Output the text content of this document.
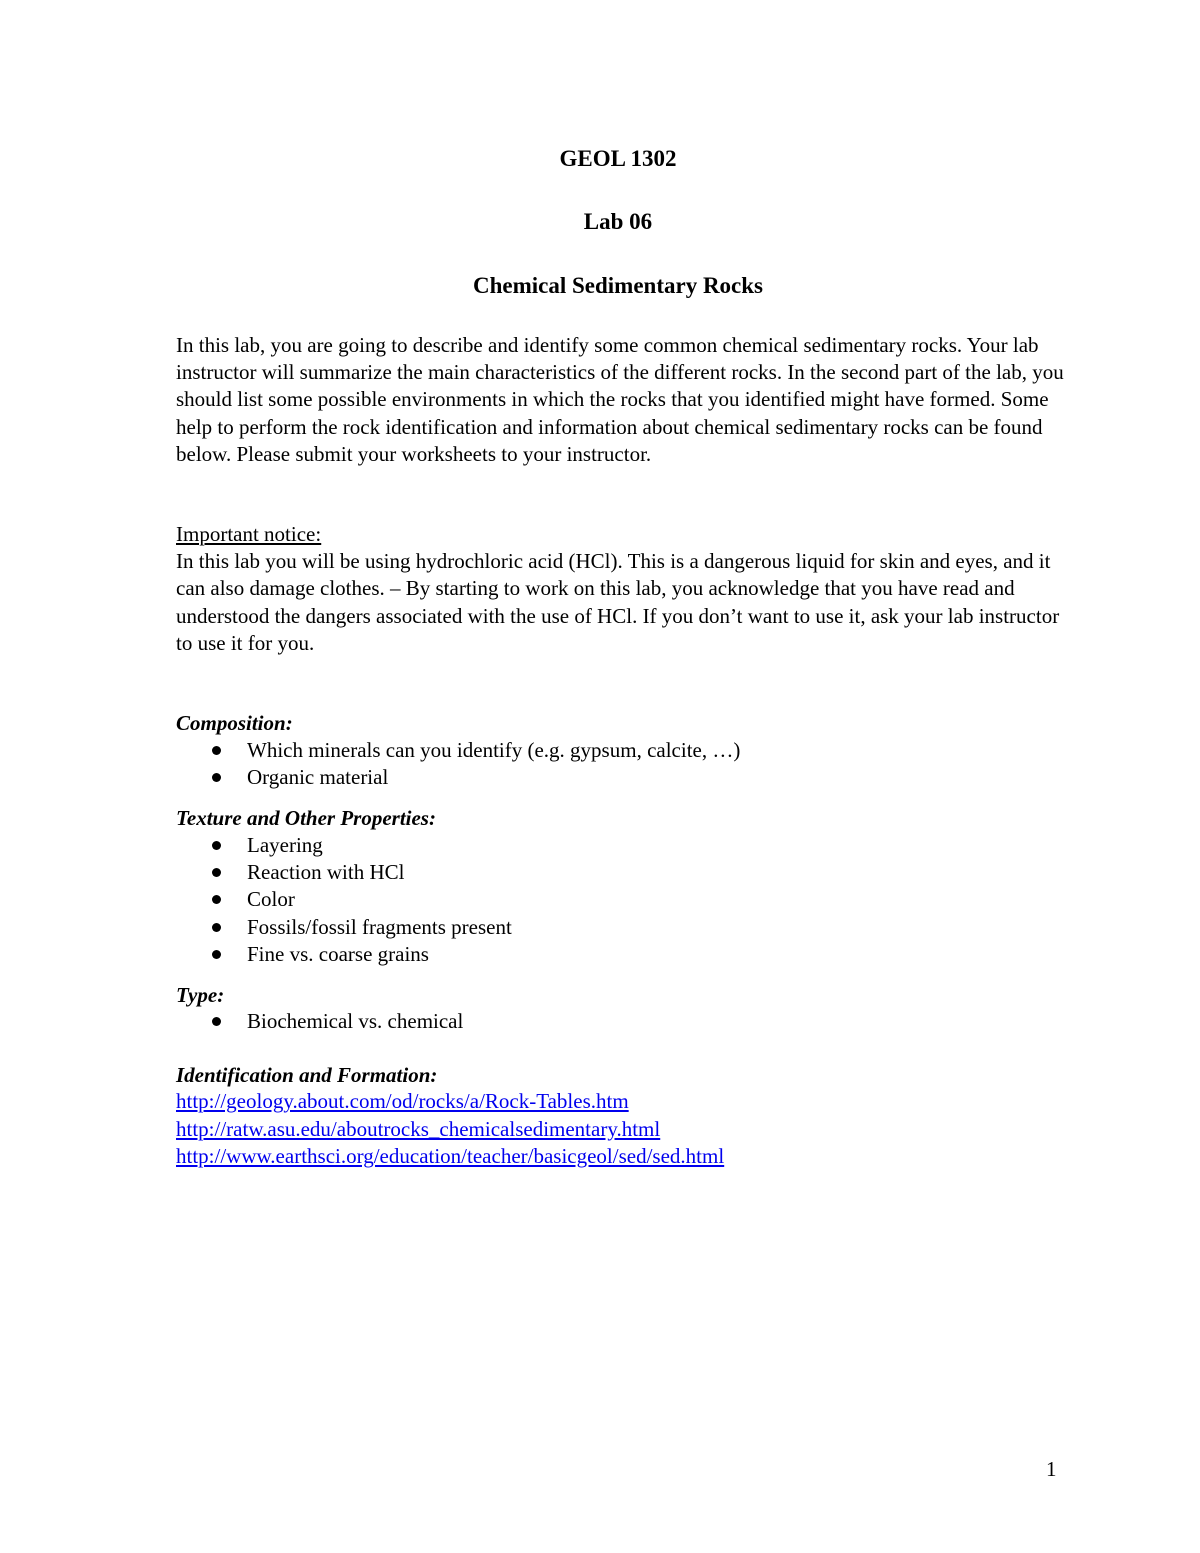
GEOL 1302
Lab 06
Chemical Sedimentary Rocks

In this lab, you are going to describe and identify some common chemical sedimentary rocks. Your lab instructor will summarize the main characteristics of the different rocks. In the second part of the lab, you should list some possible environments in which the rocks that you identified might have formed. Some help to perform the rock identification and information about chemical sedimentary rocks can be found below. Please submit your worksheets to your instructor.

Important notice:

In this lab you will be using hydrochloric acid (HCl). This is a dangerous liquid for skin and eyes, and it can also damage clothes. – By starting to work on this lab, you acknowledge that you have read and understood the dangers associated with the use of HCl. If you don’t want to use it, ask your lab instructor to use it for you.

Composition:
Which minerals can you identify (e.g. gypsum, calcite, …)
Organic material
Texture and Other Properties:
Layering
Reaction with HCl
Color
Fossils/fossil fragments present
Fine vs. coarse grains
Type:
Biochemical vs. chemical
Identification and Formation:
http://geology.about.com/od/rocks/a/Rock-Tables.htm
http://ratw.asu.edu/aboutrocks_chemicalsedimentary.html
http://www.earthsci.org/education/teacher/basicgeol/sed/sed.html
1
